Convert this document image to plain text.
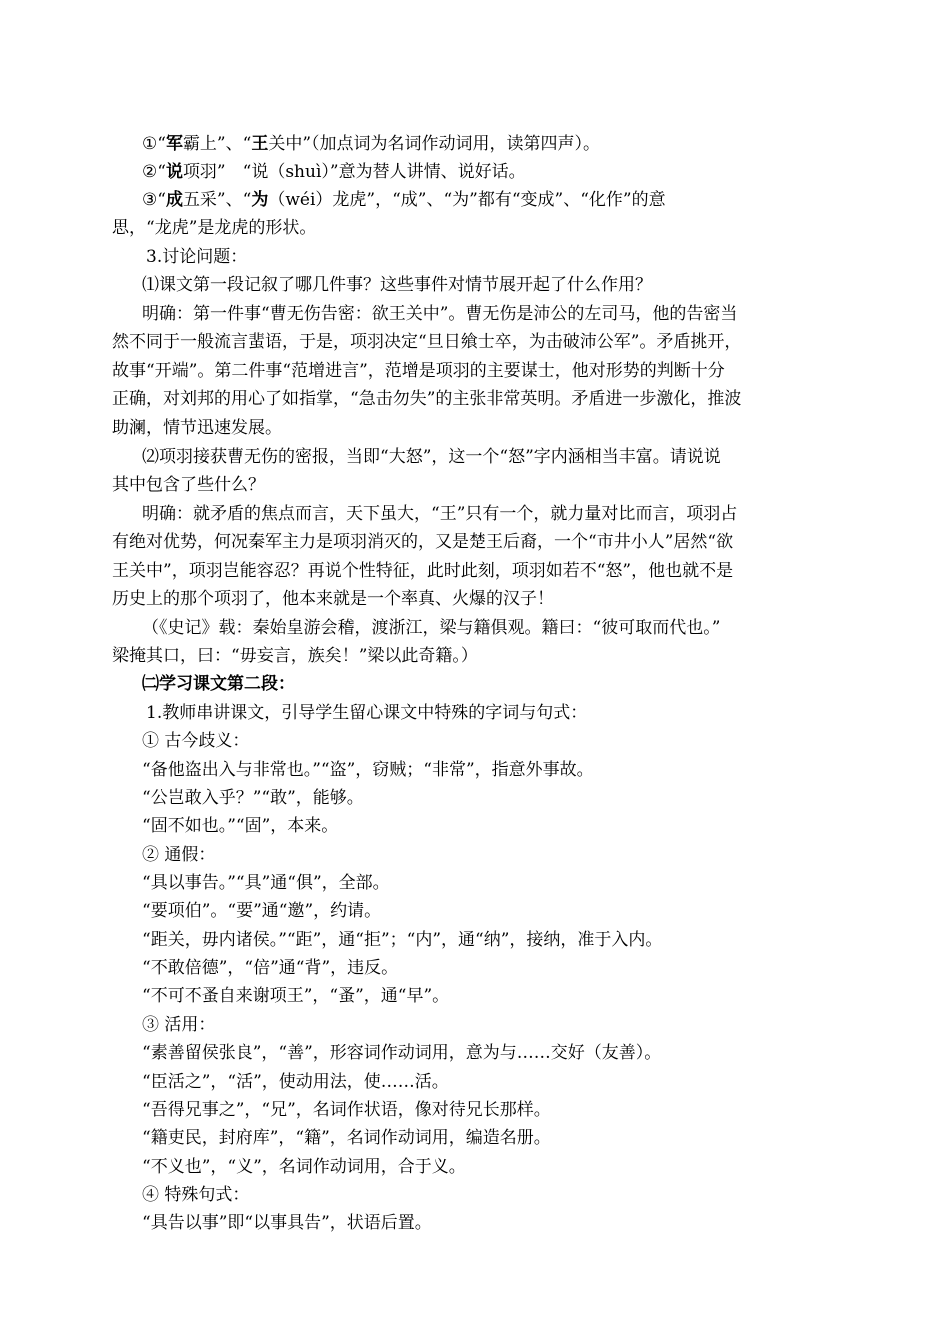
①“军霸上”、“王关中”（加点词为名词作动词用，读第四声）。
②“说项羽”　“说（shuì）”意为替人讲情、说好话。
③“成五采”、“为（wéi）龙虎”，“成”、“为”都有“变成”、“化作”的意
思，“龙虎”是龙虎的形状。
3.讨论问题：
⑴课文第一段记叙了哪几件事？这些事件对情节展开起了什么作用？
明确：第一件事“曹无伤告密：欲王关中”。曹无伤是沛公的左司马，他的告密当
然不同于一般流言蜚语，于是，项羽决定“旦日飨士卒，为击破沛公军”。矛盾挑开，
故事“开端”。第二件事“范增进言”，范增是项羽的主要谋士，他对形势的判断十分
正确，对刘邦的用心了如指掌，“急击勿失”的主张非常英明。矛盾进一步激化，推波
助澜，情节迅速发展。
⑵项羽接获曹无伤的密报，当即“大怒”，这一个“怒”字内涵相当丰富。请说说
其中包含了些什么？
明确：就矛盾的焦点而言，天下虽大，“王”只有一个，就力量对比而言，项羽占
有绝对优势，何况秦军主力是项羽消灭的，又是楚王后裔，一个“市井小人”居然“欲
王关中”，项羽岂能容忍？再说个性特征，此时此刻，项羽如若不“怒”，他也就不是
历史上的那个项羽了，他本来就是一个率真、火爆的汉子！
（《史记》载：秦始皇游会稽，渡浙江，梁与籍俱观。籍曰：“彼可取而代也。”
梁掩其口，曰：“毋妄言，族矣！”梁以此奇籍。）
㈡学习课文第二段：
1.教师串讲课文，引导学生留心课文中特殊的字词与句式：
① 古今歧义：
“备他盗出入与非常也。”“盗”，窃贼；“非常”，指意外事故。
“公岂敢入乎？”“敢”，能够。
“固不如也。”“固”，本来。
② 通假：
“具以事告。”“具”通“俱”，全部。
“要项伯”。“要”通“邀”，约请。
“距关，毋内诸侯。”“距”，通“拒”；“内”，通“纳”，接纳，准于入内。
“不敢倍德”，“倍”通“背”，违反。
“不可不蚤自来谢项王”，“蚤”，通“早”。
③ 活用：
“素善留侯张良”，“善”，形容词作动词用，意为与……交好（友善）。
“臣活之”，“活”，使动用法，使……活。
“吾得兄事之”，“兄”，名词作状语，像对待兄长那样。
“籍吏民，封府库”，“籍”，名词作动词用，编造名册。
“不义也”，“义”，名词作动词用，合于义。
④ 特殊句式：
“具告以事”即“以事具告”，状语后置。
